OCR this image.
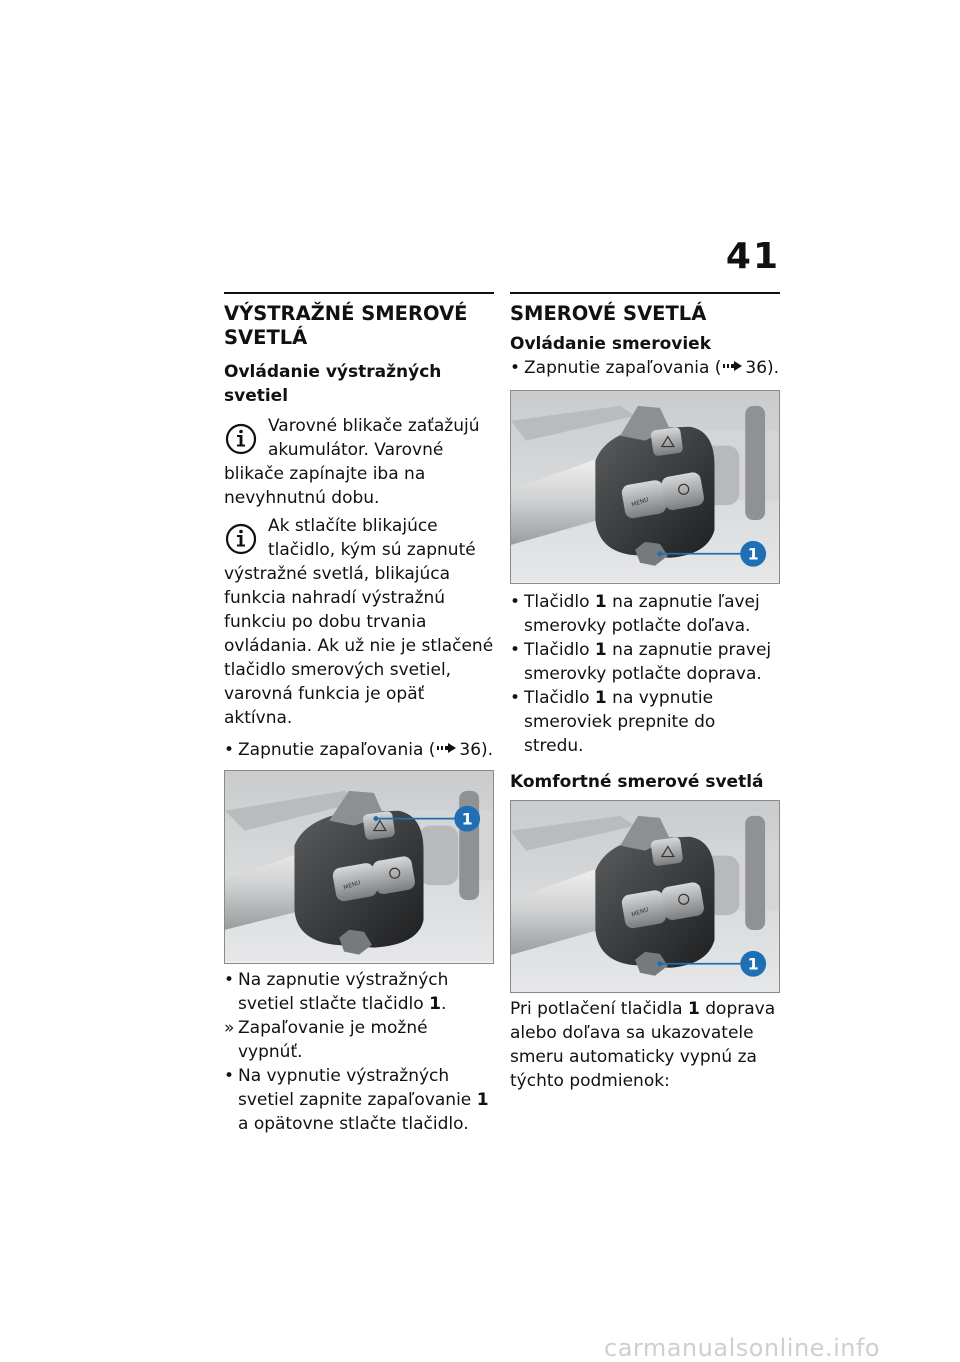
41
VÝSTRAŽNÉ SMEROVÉ SVETLÁ
Ovládanie výstražných svetiel
Varovné blikače zaťažujú akumulátor. Varovné blikače zapínajte iba na nevyhnutnú dobu.
Ak stlačíte blikajúce tlačidlo, kým sú zapnuté výstražné svetlá, blikajúca funkcia nahradí výstražnú funkciu po dobu trvania ovládania. Ak už nie je stlačené tlačidlo smerových svetiel, varovná funkcia je opäť aktívna.
• Zapnutie zapaľovania ( 36).
MENU
1
• Na zapnutie výstražných svetiel stlačte tlačidlo 1.
» Zapaľovanie je možné vypnúť.
• Na vypnutie výstražných svetiel zapnite zapaľovanie 1 a opätovne stlačte tlačidlo.
SMEROVÉ SVETLÁ
Ovládanie smeroviek
• Zapnutie zapaľovania ( 36).
MENU
1
• Tlačidlo 1 na zapnutie ľavej smerovky potlačte doľava.
• Tlačidlo 1 na zapnutie pravej smerovky potlačte doprava.
• Tlačidlo 1 na vypnutie smeroviek prepnite do stredu.
Komfortné smerové svetlá
MENU
1
Pri potlačení tlačidla 1 doprava alebo doľava sa ukazovatele smeru automaticky vypnú za týchto podmienok:
carmanualsonline.info
